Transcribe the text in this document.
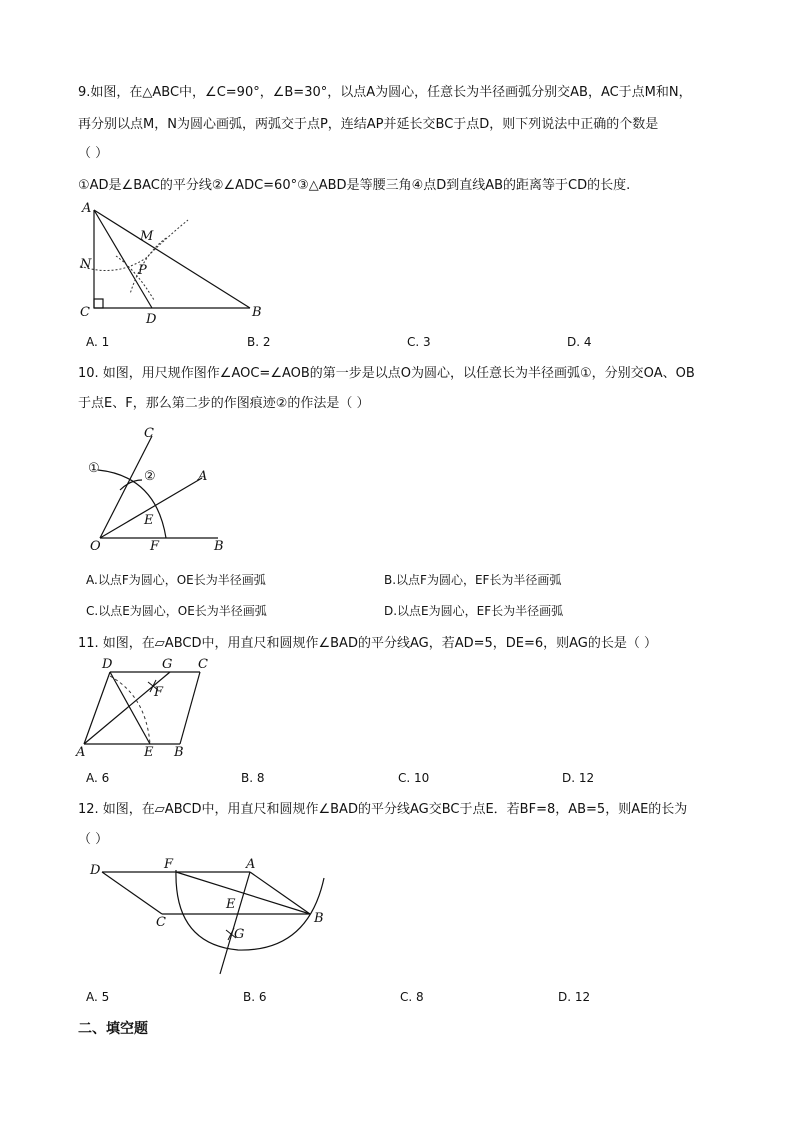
9.如图，在△ABC中，∠C=90°，∠B=30°，以点A为圆心，任意长为半径画弧分别交AB，AC于点M和N，
再分别以点M，N为圆心画弧，两弧交于点P，连结AP并延长交BC于点D，则下列说法中正确的个数是
（ ）
①AD是∠BAC的平分线②∠ADC=60°③△ABD是等腰三角④点D到直线AB的距离等于CD的长度.
A
B
C	D
M
N	P
A. 1	B. 2	C. 3	D. 4
10. 如图，用尺规作图作∠AOC=∠AOB的第一步是以点O为圆心，以任意长为半径画弧①，分别交OA、OB
于点E、F，那么第二步的作图痕迹②的作法是（ ）
C
A
O	F	B
E
①
②
A.以点F为圆心，OE长为半径画弧	B.以点F为圆心，EF长为半径画弧
C.以点E为圆心，OE长为半径画弧	D.以点E为圆心，EF长为半径画弧
11. 如图，在▱ABCD中，用直尺和圆规作∠BAD的平分线AG，若AD=5，DE=6，则AG的长是（ ）
D	G C
F
A	E B
A. 6	B. 8	C. 10	D. 12
12. 如图，在▱ABCD中，用直尺和圆规作∠BAD的平分线AG交BC于点E．若BF=8，AB=5，则AE的长为
（ ）
D	F	A
E
B
C
G
A. 5	B. 6	C. 8	D. 12
二、填空题
